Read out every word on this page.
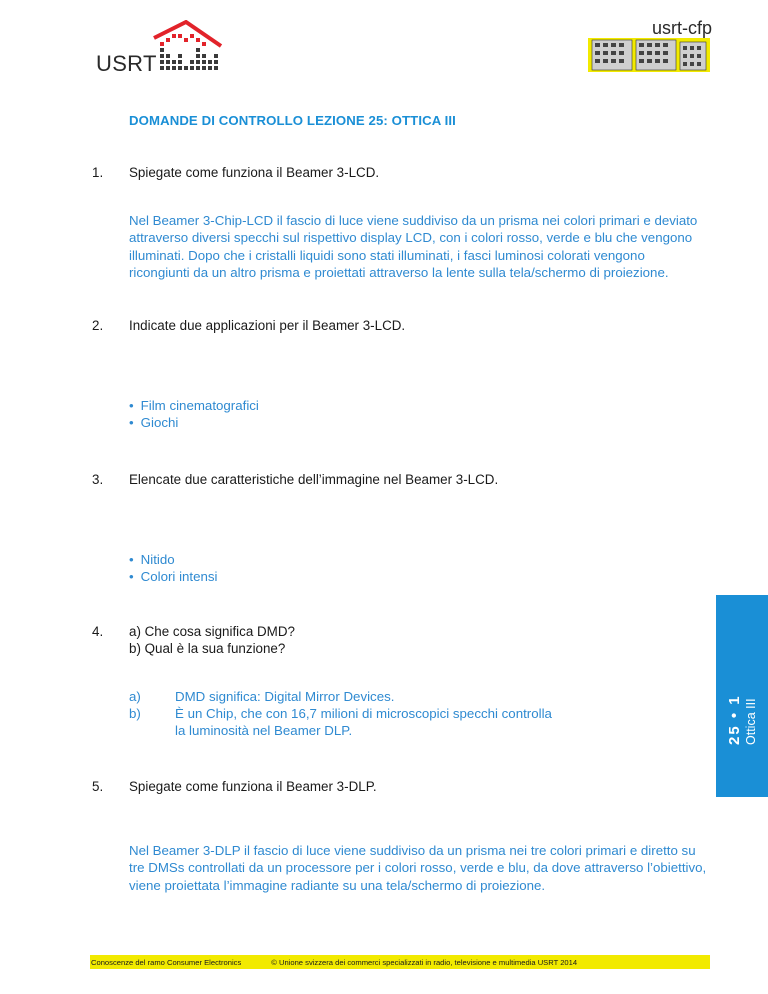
USRT
usrt-cfp
DOMANDE DI CONTROLLO LEZIONE 25: OTTICA III
1. Spiegate come funziona il Beamer 3-LCD.
Nel Beamer 3-Chip-LCD il fascio di luce viene suddiviso da un prisma nei colori primari e deviato attraverso diversi specchi sul rispettivo display LCD, con i colori rosso, verde e blu che vengono illuminati. Dopo che i cristalli liquidi sono stati illuminati, i fasci luminosi colorati vengono ricongiunti da un altro prisma e proiettati attraverso la lente sulla tela/schermo di proiezione.
2. Indicate due applicazioni per il Beamer 3-LCD.
• Film cinematografici
• Giochi
3. Elencate due caratteristiche dell’immagine nel Beamer 3-LCD.
• Nitido
• Colori intensi
4. a) Che cosa significa DMD?
b) Qual è la sua funzione?
a)	DMD significa: Digital Mirror Devices.
b)	È un Chip, che con 16,7 milioni di microscopici specchi controlla la luminosità nel Beamer DLP.
5. Spiegate come funziona il Beamer 3-DLP.
Nel Beamer 3-DLP il fascio di luce viene suddiviso da un prisma nei tre colori primari e diretto su tre DMSs controllati da un processore per i colori rosso, verde e blu, da dove attraverso l’obiettivo, viene proiettata l’immagine radiante su una tela/schermo di proiezione.
25 • 1 Ottica III
Conoscenze del ramo Consumer Electronics	© Unione svizzera dei commerci specializzati in radio, televisione e multimedia USRT 2014
